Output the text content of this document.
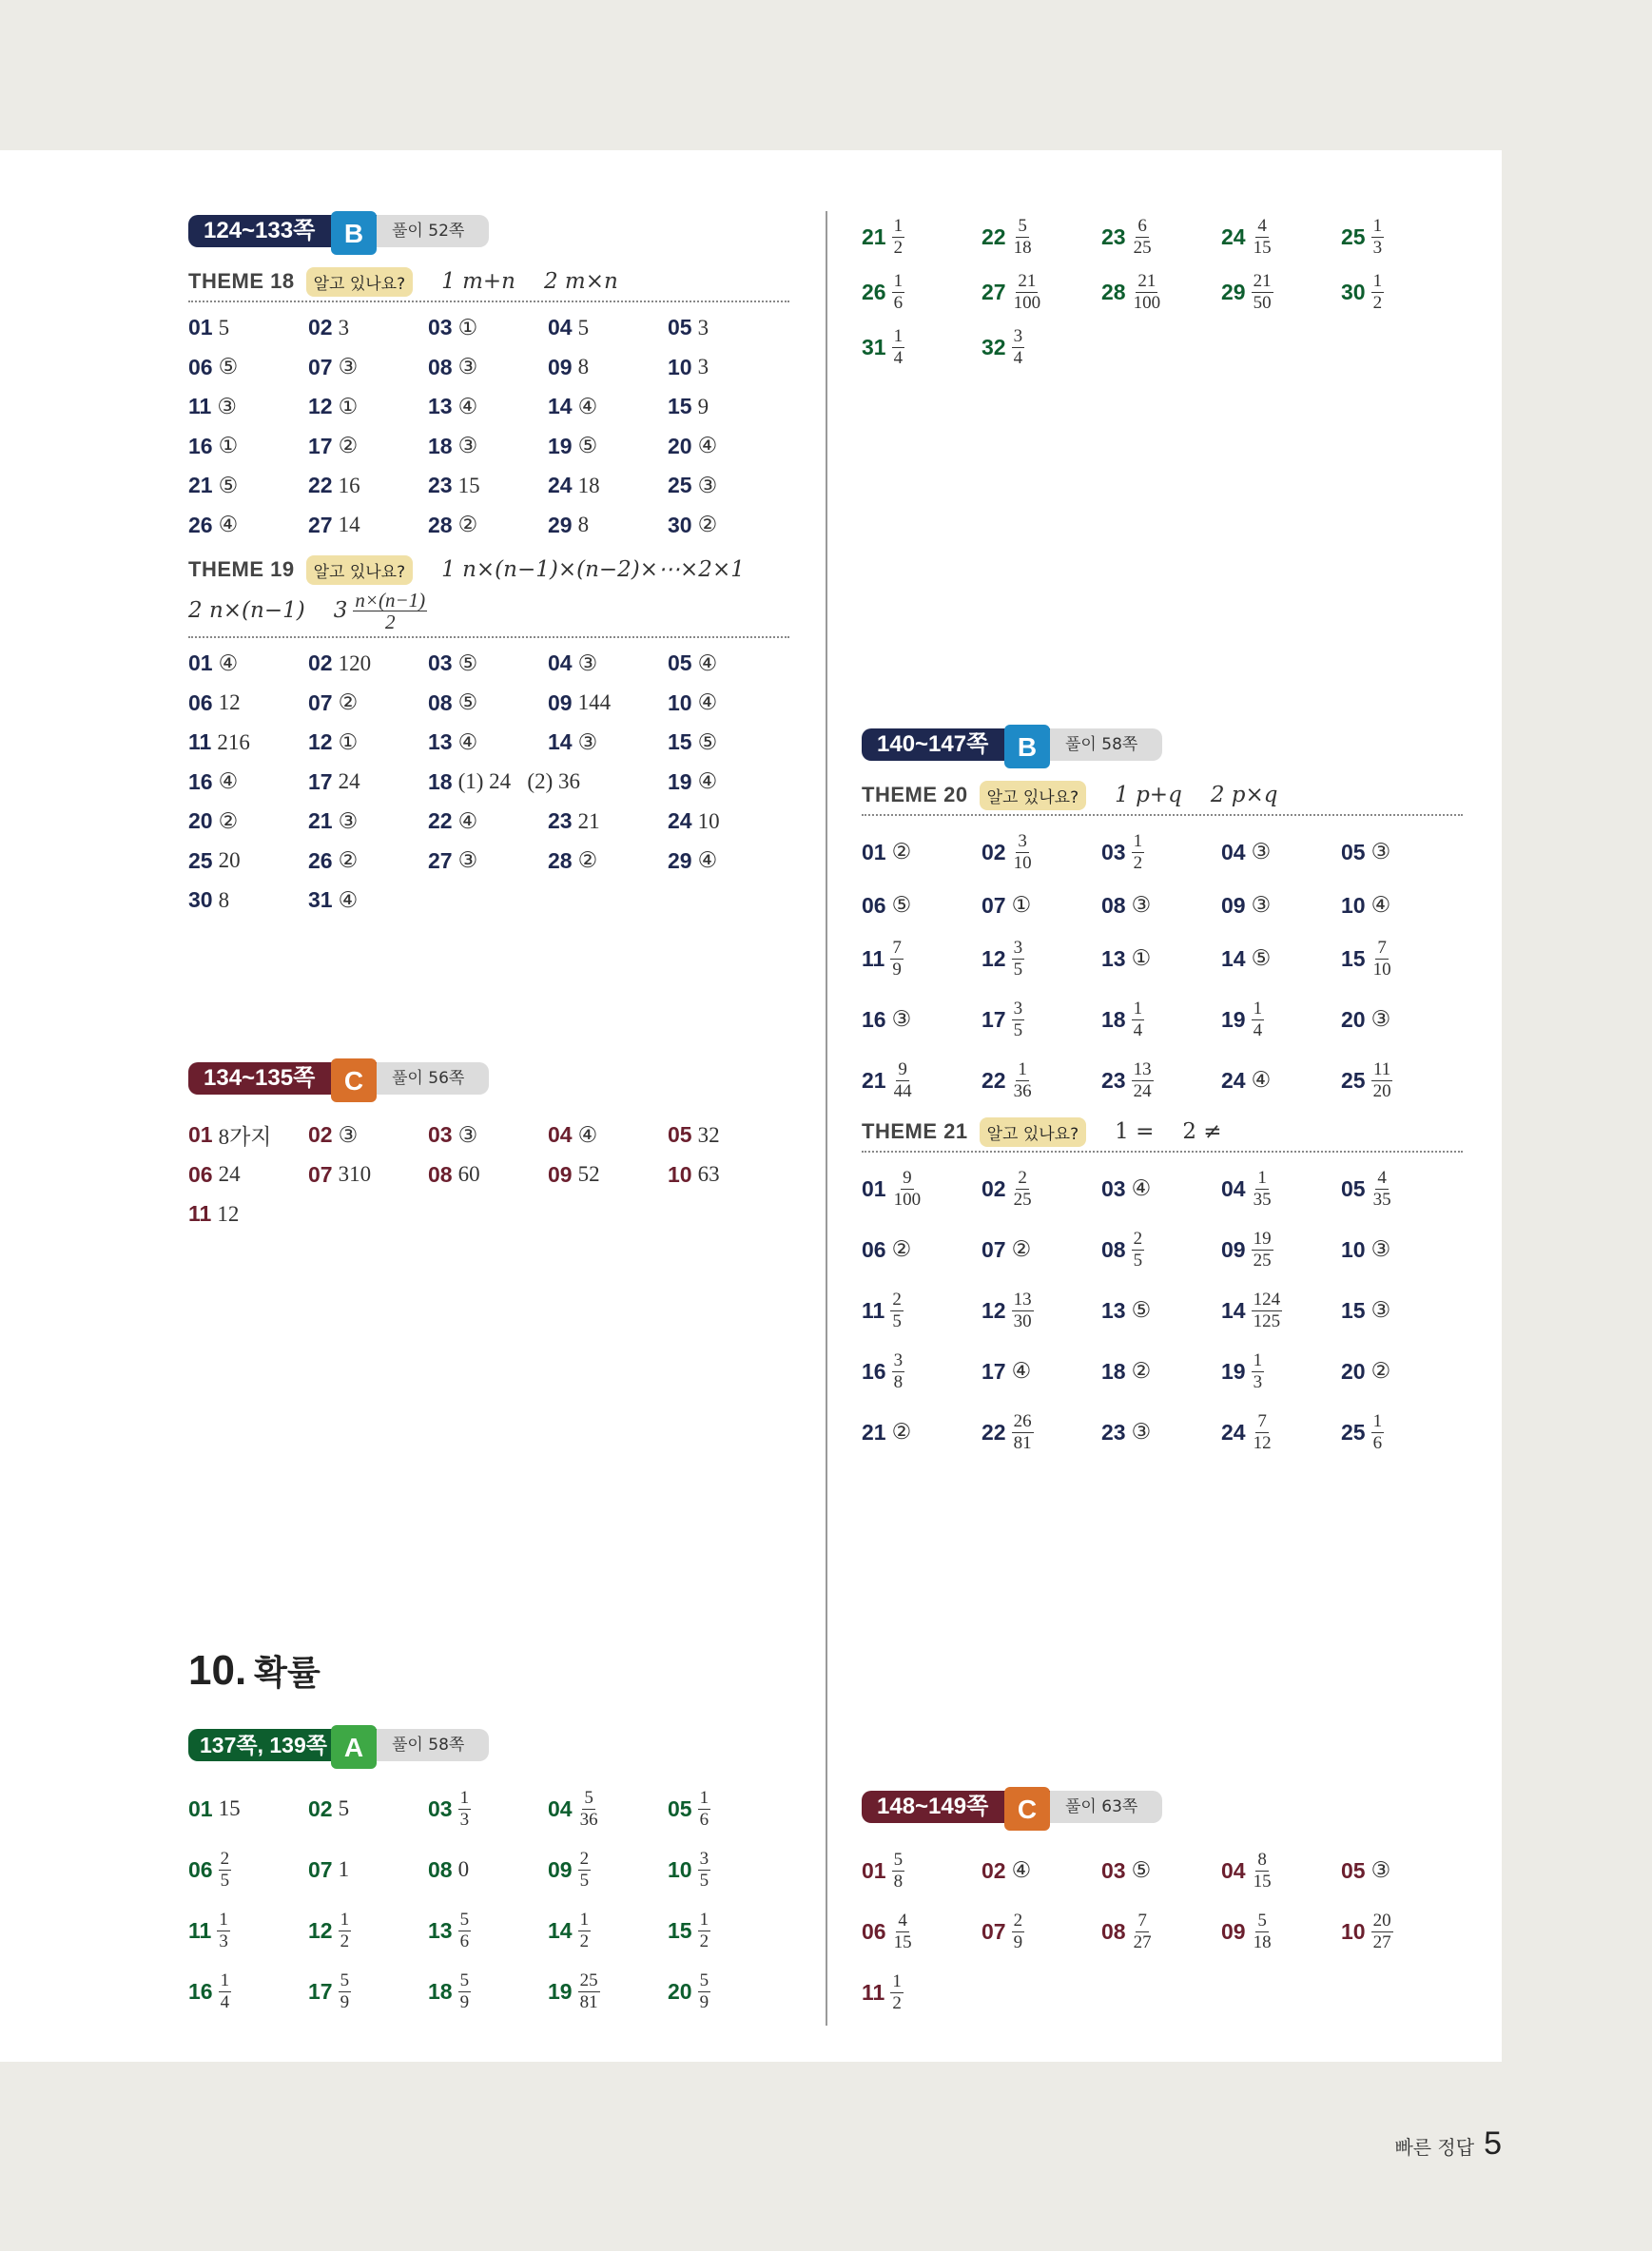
124~133쪽	B	풀이 52쪽
THEME 18	알고 있나요?	1 m+n 2 m×n
01 5	02 3	03 ①	04 5	05 3
06 ⑤	07 ③	08 ③	09 8	10 3
11 ③	12 ①	13 ④	14 ④	15 9
16 ①	17 ②	18 ③	19 ⑤	20 ④
21 ⑤	22 16	23 15	24 18	25 ③
26 ④	27 14	28 ②	29 8	30 ②
THEME 19	알고 있나요?	1 n×(n−1)×(n−2)×⋯×2×1
2 n×(n−1) $3 \frac{n\times(n-1)}{2}$
01 ④	02 120	03 ⑤	04 ③	05 ④
06 12	07 ②	08 ⑤	09 144	10 ④
11 216	12 ①	13 ④	14 ③	15 ⑤
16 ④	17 24	18 (1) 24   (2) 36	19 ④
20 ②	21 ③	22 ④	23 21	24 10
25 20	26 ②	27 ③	28 ②	29 ④
30 8	31 ④
134~135쪽	C	풀이 56쪽
01 8가지 02 ③	03 ③	04 ④	05 32
06 24	07 310	08 60	09 52	10 63
11 12
10. 확률
137쪽, 139쪽 A	풀이 58쪽
01 15	02 5	$03 \frac{1}{3}$	$04 \frac{5}{36}$	$05 \frac{1}{6}$
$06 \frac{2}{5}$	07 1	08 0	$09 \frac{2}{5}$	$10 \frac{3}{5}$
$11 \frac{1}{3}$	$12 \frac{1}{2}$	$13 \frac{5}{6}$	$14 \frac{1}{2}$	$15 \frac{1}{2}$
$16 \frac{1}{4}$	$17 \frac{5}{9}$	$18 \frac{5}{9}$	$19 \frac{25}{81}$	$20 \frac{5}{9}$
$21 \frac{1}{2}$	$22 \frac{5}{18}$	$23 \frac{6}{25}$	$24 \frac{4}{15}$	$25 \frac{1}{3}$
$26 \frac{1}{6}$	$27 \frac{21}{100}$	$28 \frac{21}{100}$	$29 \frac{21}{50}$	$30 \frac{1}{2}$
$31 \frac{1}{4}$	$32 \frac{3}{4}$
140~147쪽	B	풀이 58쪽
THEME 20	알고 있나요?	1 p+q 2 p×q
01 ②	$02 \frac{3}{10}$	$03 \frac{1}{2}$	04 ③	05 ③
06 ⑤	07 ①	08 ③	09 ③	10 ④
$11 \frac{7}{9}$	$12 \frac{3}{5}$	13 ①	14 ⑤	$15 \frac{7}{10}$
16 ③	$17 \frac{3}{5}$	$18 \frac{1}{4}$	$19 \frac{1}{4}$	20 ③
$21 \frac{9}{44}$	$22 \frac{1}{36}$	$23 \frac{13}{24}$	24 ④	$25 \frac{11}{20}$
THEME 21	알고 있나요?	1 = 2 ≠
$01 \frac{9}{100}$	$02 \frac{2}{25}$	03 ④	$04 \frac{1}{35}$	$05 \frac{4}{35}$
06 ②	07 ②	$08 \frac{2}{5}$	$09 \frac{19}{25}$	10 ③
$11 \frac{2}{5}$	$12 \frac{13}{30}$	13 ⑤	$14 \frac{124}{125}$	15 ③
$16 \frac{3}{8}$	17 ④	18 ②	$19 \frac{1}{3}$	20 ②
21 ②	$22 \frac{26}{81}$	23 ③	$24 \frac{7}{12}$	$25 \frac{1}{6}$
148~149쪽	C	풀이 63쪽
$01 \frac{5}{8}$	02 ④	03 ⑤	$04 \frac{8}{15}$	05 ③
$06 \frac{4}{15}$	$07 \frac{2}{9}$	$08 \frac{7}{27}$	$09 \frac{5}{18}$	$10 \frac{20}{27}$
$11 \frac{1}{2}$
빠른 정답 5
